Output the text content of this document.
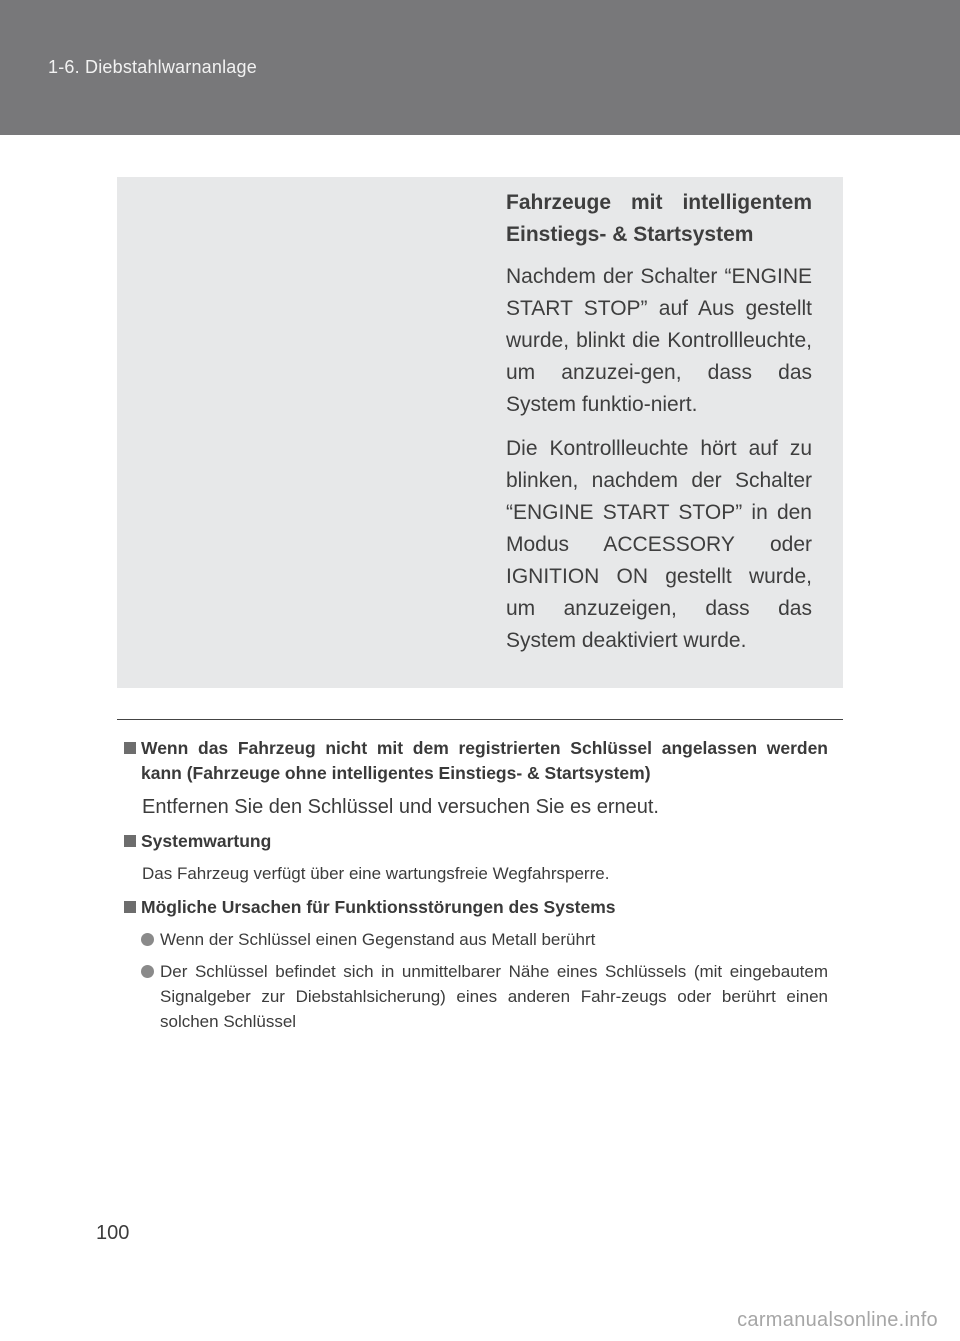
1-6. Diebstahlwarnanlage

Fahrzeuge mit intelligentem Einstiegs- & Startsystem

Nachdem der Schalter “ENGINE START STOP” auf Aus gestellt wurde, blinkt die Kontrollleuchte, um anzuzei-gen, dass das System funktio-niert.

Die Kontrollleuchte hört auf zu blinken, nachdem der Schalter “ENGINE START STOP” in den Modus ACCESSORY oder IGNITION ON gestellt wurde, um anzuzeigen, dass das System deaktiviert wurde.

Wenn das Fahrzeug nicht mit dem registrierten Schlüssel angelassen werden kann (Fahrzeuge ohne intelligentes Einstiegs- & Startsystem)
Entfernen Sie den Schlüssel und versuchen Sie es erneut.
Systemwartung
Das Fahrzeug verfügt über eine wartungsfreie Wegfahrsperre.
Mögliche Ursachen für Funktionsstörungen des Systems
Wenn der Schlüssel einen Gegenstand aus Metall berührt
Der Schlüssel befindet sich in unmittelbarer Nähe eines Schlüssels (mit eingebautem Signalgeber zur Diebstahlsicherung) eines anderen Fahr-zeugs oder berührt einen solchen Schlüssel
100
carmanualsonline.info
